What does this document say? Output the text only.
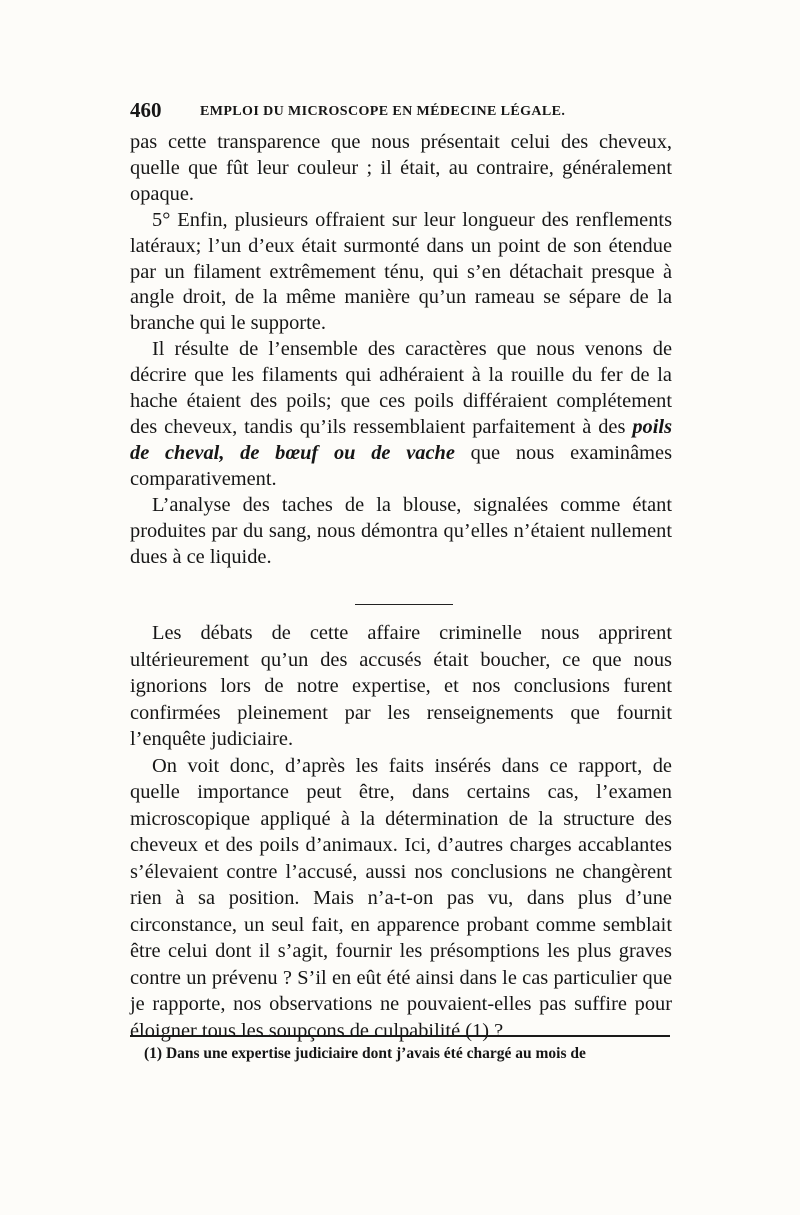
460	EMPLOI DU MICROSCOPE EN MÉDECINE LÉGALE.

pas cette transparence que nous présentait celui des cheveux, quelle que fût leur couleur ; il était, au contraire, généralement opaque.

5° Enfin, plusieurs offraient sur leur longueur des renflements latéraux; l’un d’eux était surmonté dans un point de son étendue par un filament extrêmement ténu, qui s’en détachait presque à angle droit, de la même manière qu’un rameau se sépare de la branche qui le supporte.

Il résulte de l’ensemble des caractères que nous venons de décrire que les filaments qui adhéraient à la rouille du fer de la hache étaient des poils; que ces poils différaient complétement des cheveux, tandis qu’ils ressemblaient parfaitement à des poils de cheval, de bœuf ou de vache que nous examinâmes comparativement.

L’analyse des taches de la blouse, signalées comme étant produites par du sang, nous démontra qu’elles n’étaient nullement dues à ce liquide.

Les débats de cette affaire criminelle nous apprirent ultérieurement qu’un des accusés était boucher, ce que nous ignorions lors de notre expertise, et nos conclusions furent confirmées pleinement par les renseignements que fournit l’enquête judiciaire.

On voit donc, d’après les faits insérés dans ce rapport, de quelle importance peut être, dans certains cas, l’examen microscopique appliqué à la détermination de la structure des cheveux et des poils d’animaux. Ici, d’autres charges accablantes s’élevaient contre l’accusé, aussi nos conclusions ne changèrent rien à sa position. Mais n’a-t-on pas vu, dans plus d’une circonstance, un seul fait, en apparence probant comme semblait être celui dont il s’agit, fournir les présomptions les plus graves contre un prévenu ? S’il en eût été ainsi dans le cas particulier que je rapporte, nos observations ne pouvaient-elles pas suffire pour éloigner tous les soupçons de culpabilité (1) ?

(1) Dans une expertise judiciaire dont j’avais été chargé au mois de
